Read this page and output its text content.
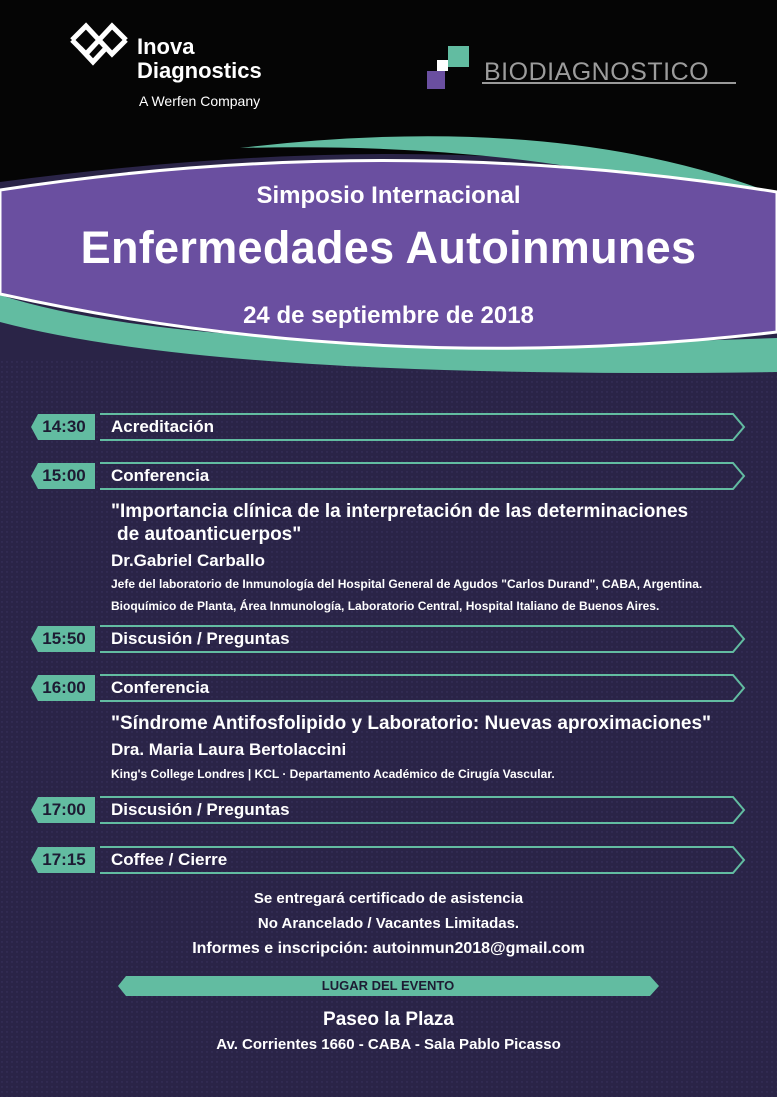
Inova
Diagnostics
A Werfen Company
BIODIAGNOSTICO
Simposio Internacional
Enfermedades Autoinmunes
24 de septiembre de 2018
14:30	Acreditación
15:00	Conferencia
"Importancia clínica de la interpretación de las determinaciones
de autoanticuerpos"
Dr.Gabriel Carballo
Jefe del laboratorio de Inmunología del Hospital General de Agudos "Carlos Durand", CABA, Argentina.
Bioquímico de Planta, Área Inmunología, Laboratorio Central, Hospital Italiano de Buenos Aires.
15:50	Discusión / Preguntas
16:00	Conferencia
"Síndrome Antifosfolipido y Laboratorio: Nuevas aproximaciones"
Dra. Maria Laura Bertolaccini
King's College Londres | KCL · Departamento Académico de Cirugía Vascular.
17:00	Discusión / Preguntas
17:15	Coffee / Cierre
Se entregará certificado de asistencia
No Arancelado / Vacantes Limitadas.
Informes e inscripción: autoinmun2018@gmail.com
LUGAR DEL EVENTO
Paseo la Plaza
Av. Corrientes 1660 - CABA - Sala Pablo Picasso
